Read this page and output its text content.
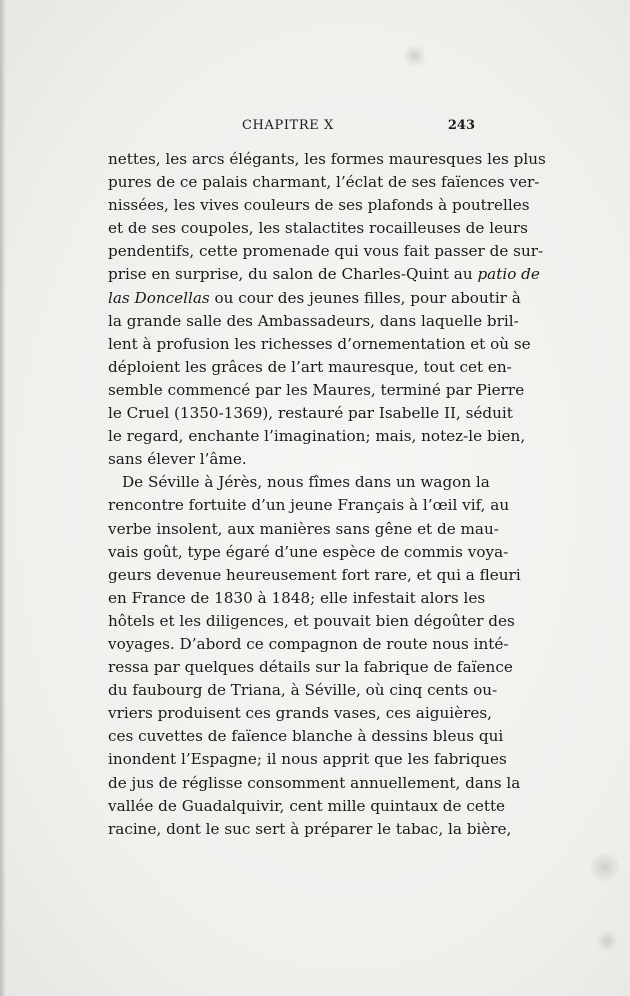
CHAPITRE X	243
nettes, les arcs élégants, les formes mauresques les plus
pures de ce palais charmant, l’éclat de ses faïences ver-
nissées, les vives couleurs de ses plafonds à poutrelles
et de ses coupoles, les stalactites rocailleuses de leurs
pendentifs, cette promenade qui vous fait passer de sur-
prise en surprise, du salon de Charles-Quint au patio de
las Doncellas ou cour des jeunes filles, pour aboutir à
la grande salle des Ambassadeurs, dans laquelle bril-
lent à profusion les richesses d’ornementation et où se
déploient les grâces de l’art mauresque, tout cet en-
semble commencé par les Maures, terminé par Pierre
le Cruel (1350-1369), restauré par Isabelle II, séduit
le regard, enchante l’imagination; mais, notez-le bien,
sans élever l’âme.
De Séville à Jérès, nous fîmes dans un wagon la
rencontre fortuite d’un jeune Français à l’œil vif, au
verbe insolent, aux manières sans gêne et de mau-
vais goût, type égaré d’une espèce de commis voya-
geurs devenue heureusement fort rare, et qui a fleuri
en France de 1830 à 1848; elle infestait alors les
hôtels et les diligences, et pouvait bien dégoûter des
voyages. D’abord ce compagnon de route nous inté-
ressa par quelques détails sur la fabrique de faïence
du faubourg de Triana, à Séville, où cinq cents ou-
vriers produisent ces grands vases, ces aiguières,
ces cuvettes de faïence blanche à dessins bleus qui
inondent l’Espagne; il nous apprit que les fabriques
de jus de réglisse consomment annuellement, dans la
vallée de Guadalquivir, cent mille quintaux de cette
racine, dont le suc sert à préparer le tabac, la bière,
